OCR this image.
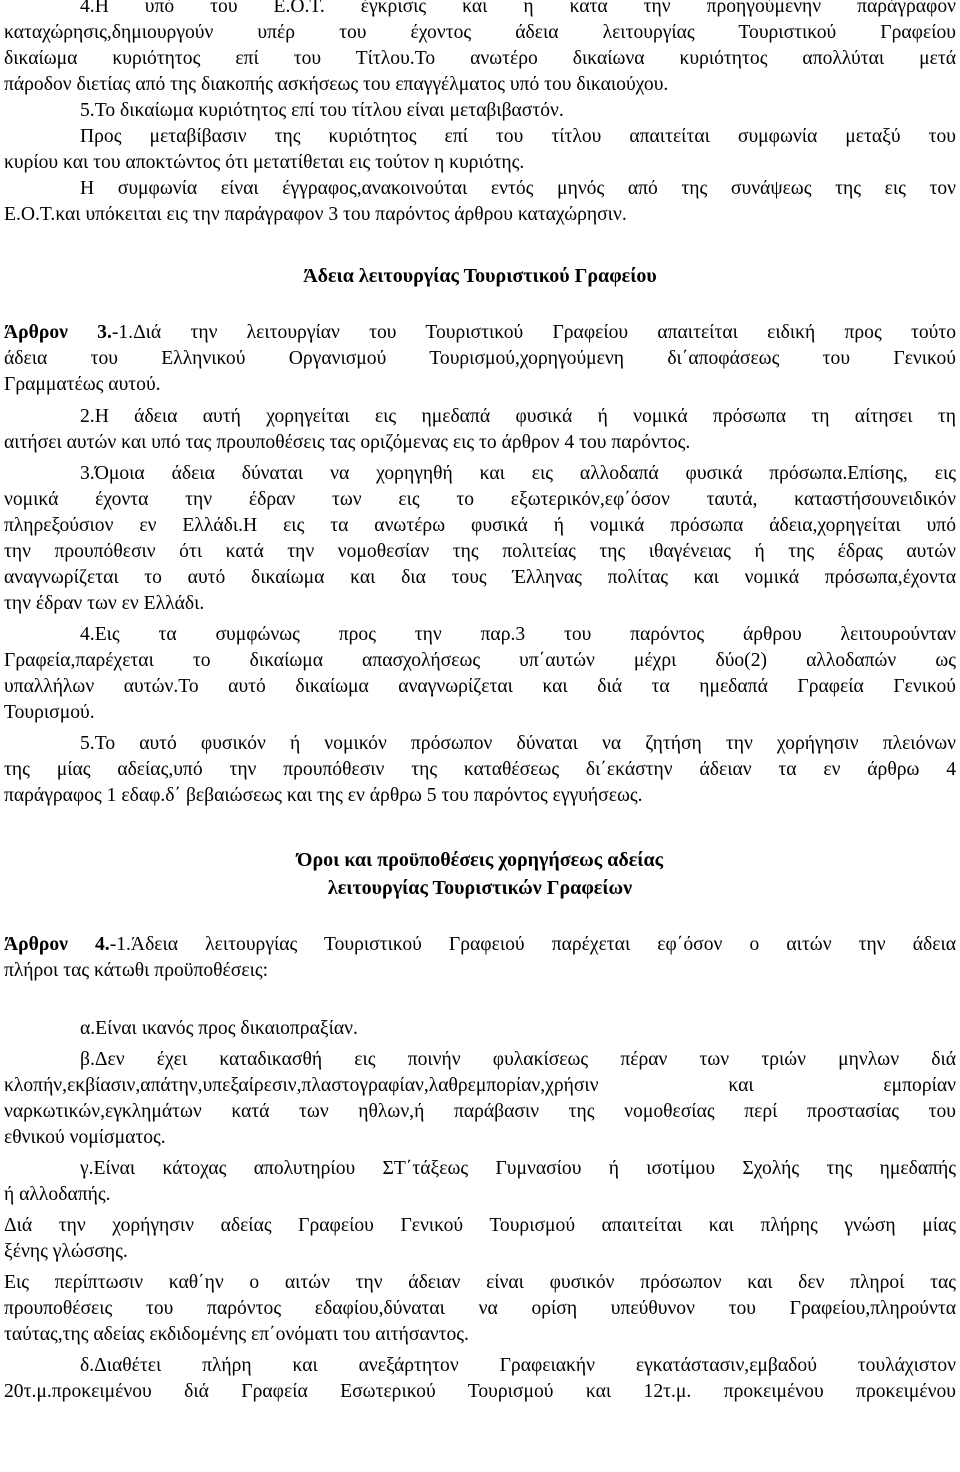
4.Η υπό του Ε.Ο.Τ. έγκρισις και η κατα την προηγούμενην παράγραφον
καταχώρησις,δημιουργούν υπέρ του έχοντος άδεια λειτουργίας Τουριστικού Γραφείου
δικαίωμα κυριότητος επί του Τίτλου.Το ανωτέρο δικαίωνα κυριότητος απολλύται μετά
πάροδον διετίας από της διακοπής ασκήσεως του επαγγέλματος υπό του δικαιούχου.
5.Το δικαίωμα κυριότητος επί του τίτλου είναι μεταβιβαστόν.
Προς μεταβίβασιν της κυριότητος επί του τίτλου απαιτείται συμφωνία μεταξύ του
κυρίου και του αποκτώντος ότι μετατίθεται εις τούτον η κυριότης.
Η συμφωνία είναι έγγραφος,ανακοινούται εντός μηνός από της συνάψεως της εις τον
Ε.Ο.Τ.και υπόκειται εις την παράγραφον 3 του παρόντος άρθρου καταχώρησιν.
Άδεια λειτουργίας Τουριστικού Γραφείου
Άρθρον 3.-1.Διά την λειτουργίαν του Τουριστικού Γραφείου απαιτείται ειδική προς τούτο
άδεια του Ελληνικού Οργανισμού Τουρισμού,χορηγούμενη δι΄αποφάσεως του Γενικού
Γραμματέως αυτού.
2.Η άδεια αυτή χορηγείται εις ημεδαπά φυσικά ή νομικά πρόσωπα τη αίτησει τη
αιτήσει αυτών και υπό τας προυποθέσεις τας οριζόμενας εις το άρθρον 4 του παρόντος.
3.Όμοια άδεια δύναται να χορηγηθή και εις αλλοδαπά φυσικά πρόσωπα.Επίσης, εις
νομικά έχοντα την έδραν των εις το εξωτερικόν,εφ΄όσον ταυτά, καταστήσουνειδικόν
πληρεξούσιον εν Ελλάδι.Η εις τα ανωτέρω φυσικά ή νομικά πρόσωπα άδεια,χορηγείται υπό
την προυπόθεσιν ότι κατά την νομοθεσίαν της πολιτείας της ιθαγένειας ή της έδρας αυτών
αναγνωρίζεται το αυτό δικαίωμα και δια τους Έλληνας πολίτας και νομικά πρόσωπα,έχοντα
την έδραν των εν Ελλάδι.
4.Εις τα συμφώνως προς την παρ.3 του παρόντος άρθρου λειτουρούνταν
Γραφεία,παρέχεται το δικαίωμα απασχολήσεως υπ΄αυτών μέχρι δύο(2) αλλοδαπών ως
υπαλλήλων αυτών.Το αυτό δικαίωμα αναγνωρίζεται και διά τα ημεδαπά Γραφεία Γενικού
Τουρισμού.
5.Το αυτό φυσικόν ή νομικόν πρόσωπον δύναται να ζητήση την χορήγησιν πλειόνων
της μίας αδείας,υπό την προυπόθεσιν της καταθέσεως δι΄εκάστην άδειαν τα εν άρθρω 4
παράγραφος 1 εδαφ.δ΄ βεβαιώσεως και της εν άρθρω 5 του παρόντος εγγυήσεως.
Όροι και προϋποθέσεις χορηγήσεως αδείας
λειτουργίας Τουριστικών Γραφείων
Άρθρον 4.-1.Άδεια λειτουργίας Τουριστικού Γραφειού παρέχεται εφ΄όσον ο αιτών την άδεια
πλήροι τας κάτωθι προϋποθέσεις:
α.Είναι ικανός προς δικαιοπραξίαν.
β.Δεν έχει καταδικασθή εις ποινήν φυλακίσεως πέραν των τριών μηνλων διά
κλοπήν,εκβίασιν,απάτην,υπεξαίρεσιν,πλαστογραφίαν,λαθρεμπορίαν,χρήσιν και εμπορίαν
ναρκωτικών,εγκλημάτων κατά των ηθλων,ή παράβασιν της νομοθεσίας περί προστασίας του
εθνικού νομίσματος.
γ.Είναι κάτοχας απολυτηρίου ΣΤ΄τάξεως Γυμνασίου ή ισοτίμου Σχολής της ημεδαπής
ή αλλοδαπής.
Διά την χορήγησιν αδείας Γραφείου Γενικού Τουρισμού απαιτείται και πλήρης γνώση μίας
ξένης γλώσσης.
Εις περίπτωσιν καθ΄ην ο αιτών την άδειαν είναι φυσικόν πρόσωπον και δεν πληροί τας
προυποθέσεις του παρόντος εδαφίου,δύναται να ορίση υπεύθυνον του Γραφείου,πληρούντα
ταύτας,της αδείας εκδιδομένης επ΄ονόματι του αιτήσαντος.
δ.Διαθέτει πλήρη και ανεξάρτητον Γραφειακήν εγκατάστασιν,εμβαδού τουλάχιστον
20τ.μ.προκειμένου διά Γραφεία Εσωτερικού Τουρισμού και 12τ.μ. προκειμένου προκειμένου
